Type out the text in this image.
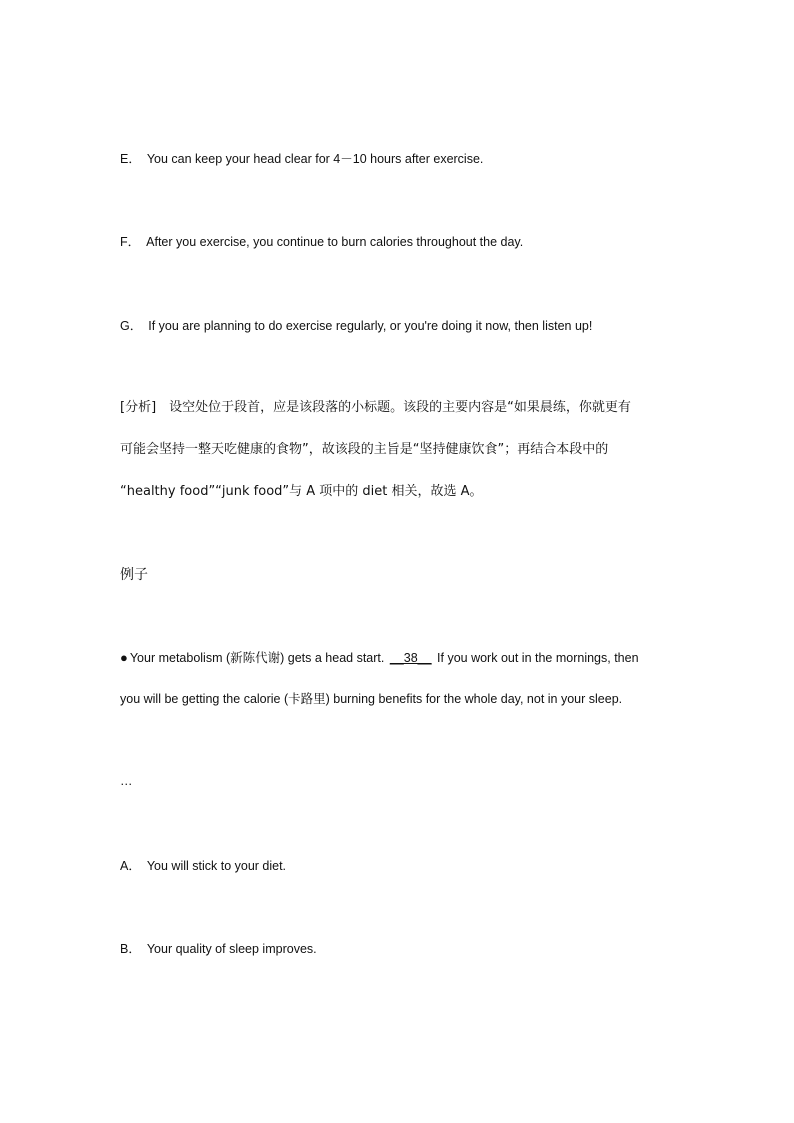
E． You can keep your head clear for 4－10 hours after exercise.
F． After you exercise, you continue to burn calories throughout the day.
G． If you are planning to do exercise regularly, or you're doing it now, then listen up!
[分析]　设空处位于段首，应是该段落的小标题。该段的主要内容是“如果晨练，你就更有
可能会坚持一整天吃健康的食物”，故该段的主旨是“坚持健康饮食”；再结合本段中的
“healthy food”“junk food”与 A 项中的 diet 相关，故选 A。
例子
● Your metabolism (新陈代谢) gets a head start. __38__ If you work out in the mornings, then
you will be getting the calorie (卡路里) burning benefits for the whole day, not in your sleep.
…
A． You will stick to your diet.
B． Your quality of sleep improves.
